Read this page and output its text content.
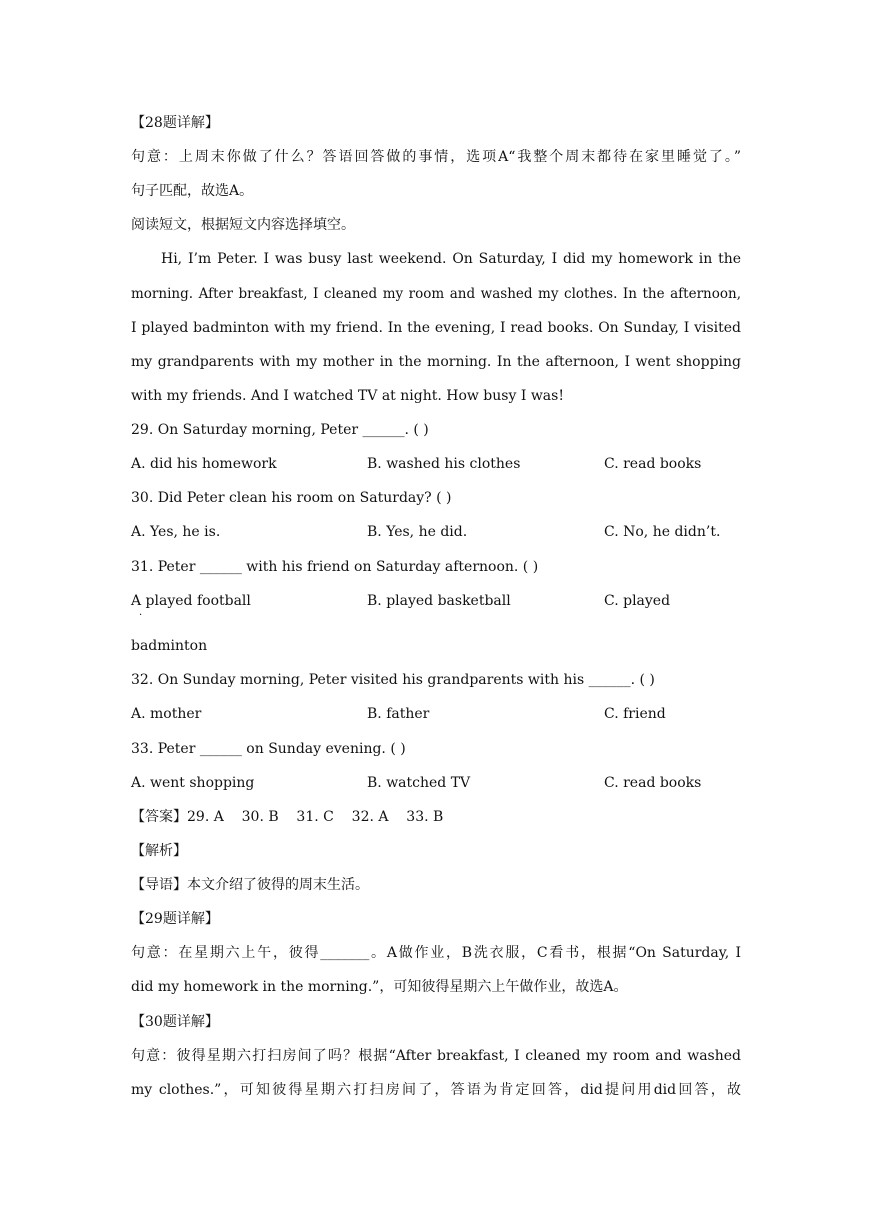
【28题详解】
句意：上周末你做了什么？答语回答做的事情，选项A“我整个周末都待在家里睡觉了。”
句子匹配，故选A。
阅读短文，根据短文内容选择填空。
Hi, I’m Peter. I was busy last weekend. On Saturday, I did my homework in the
morning. After breakfast, I cleaned my room and washed my clothes. In the afternoon,
I played badminton with my friend. In the evening, I read books. On Sunday, I visited
my grandparents with my mother in the morning. In the afternoon, I went shopping
with my friends. And I watched TV at night. How busy I was!
29. On Saturday morning, Peter ______. ( )
A. did his homework	B. washed his clothes	C. read books
30. Did Peter clean his room on Saturday? ( )
A. Yes, he is.	B. Yes, he did.	C. No, he didn’t.
31. Peter ______ with his friend on Saturday afternoon. ( )
A played football	B. played basketball	C. played
·
badminton
32. On Sunday morning, Peter visited his grandparents with his ______. ( )
A. mother	B. father	C. friend
33. Peter ______ on Sunday evening. ( )
A. went shopping	B. watched TV	C. read books
【答案】29. A    30. B    31. C    32. A    33. B
【解析】
【导语】本文介绍了彼得的周末生活。
【29题详解】
句意：在星期六上午，彼得_______。A做作业，B洗衣服，C看书，根据“On Saturday, I
did my homework in the morning.”，可知彼得星期六上午做作业，故选A。
【30题详解】
句意：彼得星期六打扫房间了吗？根据“After breakfast, I cleaned my room and washed
my clothes.”，可知彼得星期六打扫房间了，答语为肯定回答，did提问用did回答，故
